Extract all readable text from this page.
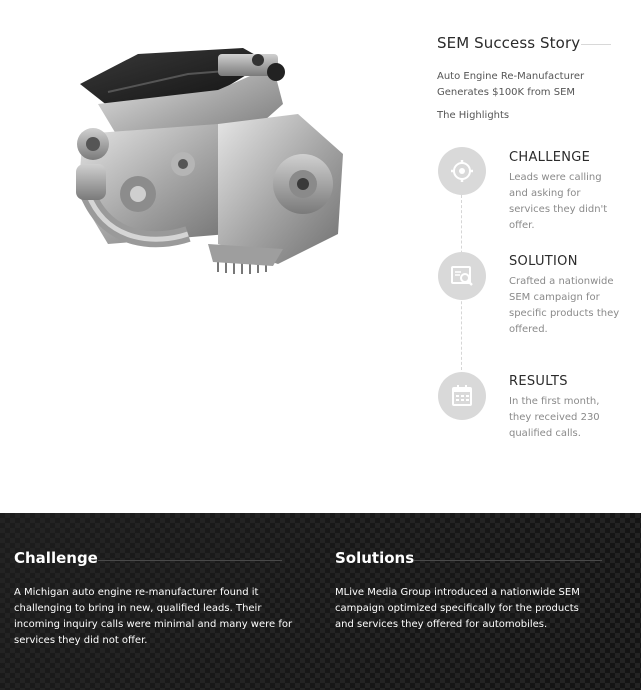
SEM Success Story
Auto Engine Re-Manufacturer Generates $100K from SEM
The Highlights
CHALLENGE
Leads were calling and asking for services they didn't offer.
SOLUTION
Crafted a nationwide SEM campaign for specific products they offered.
RESULTS
In the first month, they received 230 qualified calls.
Challenge
A Michigan auto engine re-manufacturer found it challenging to bring in new, qualified leads. Their incoming inquiry calls were minimal and many were for services they did not offer.
Solutions
MLive Media Group introduced a nationwide SEM campaign optimized specifically for the products and services they offered for automobiles.
